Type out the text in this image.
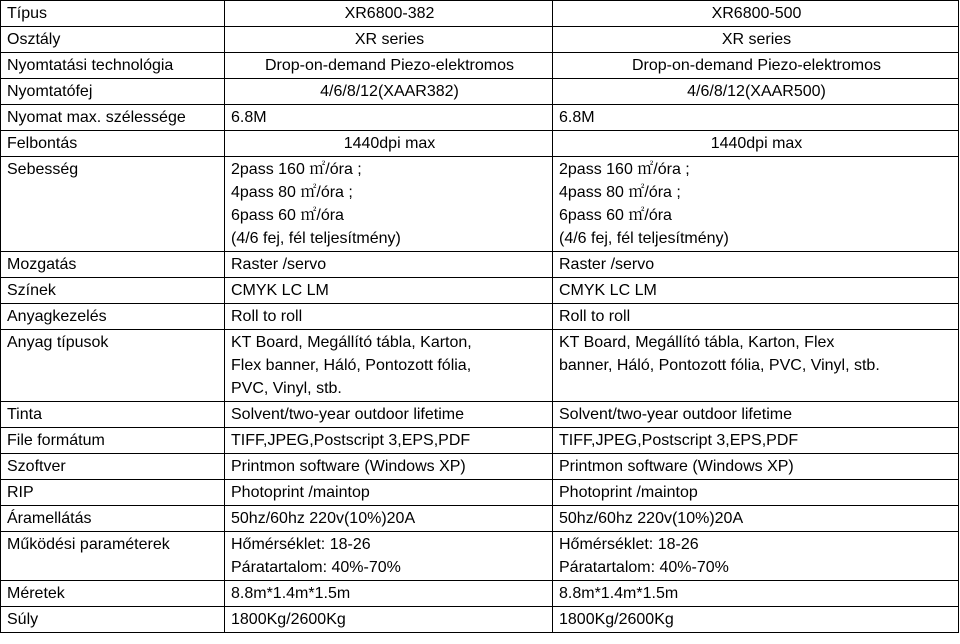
Típus	XR6800-382	XR6800-500

Osztály	XR series	XR series

Nyomtatási technológia	Drop-on-demand Piezo-elektromos	Drop-on-demand Piezo-elektromos

Nyomtatófej	4/6/8/12(XAAR382)	4/6/8/12(XAAR500)

Nyomat max. szélessége	6.8M	6.8M

Felbontás	1440dpi max	1440dpi max

Sebesség	2pass 160 ㎡/óra ;
4pass 80 ㎡/óra ;
6pass 60 ㎡/óra
(4/6 fej, fél teljesítmény)	2pass 160 ㎡/óra ;
4pass 80 ㎡/óra ;
6pass 60 ㎡/óra
(4/6 fej, fél teljesítmény)

Mozgatás	Raster /servo	Raster /servo

Színek	CMYK LC LM	CMYK LC LM

Anyagkezelés	Roll to roll	Roll to roll

Anyag típusok	KT Board, Megállító tábla, Karton,
Flex banner, Háló, Pontozott fólia,
PVC, Vinyl, stb.	KT Board, Megállító tábla, Karton, Flex
banner, Háló, Pontozott fólia, PVC, Vinyl, stb.

Tinta	Solvent/two-year outdoor lifetime	Solvent/two-year outdoor lifetime

File formátum	TIFF,JPEG,Postscript 3,EPS,PDF	TIFF,JPEG,Postscript 3,EPS,PDF

Szoftver	Printmon software (Windows XP)	Printmon software (Windows XP)

RIP	Photoprint /maintop	Photoprint /maintop

Áramellátás	50hz/60hz 220v(10%)20A	50hz/60hz 220v(10%)20A

Működési paraméterek	Hőmérséklet: 18-26
Páratartalom: 40%-70%	Hőmérséklet: 18-26
Páratartalom: 40%-70%

Méretek	8.8m*1.4m*1.5m	8.8m*1.4m*1.5m

Súly	1800Kg/2600Kg	1800Kg/2600Kg
